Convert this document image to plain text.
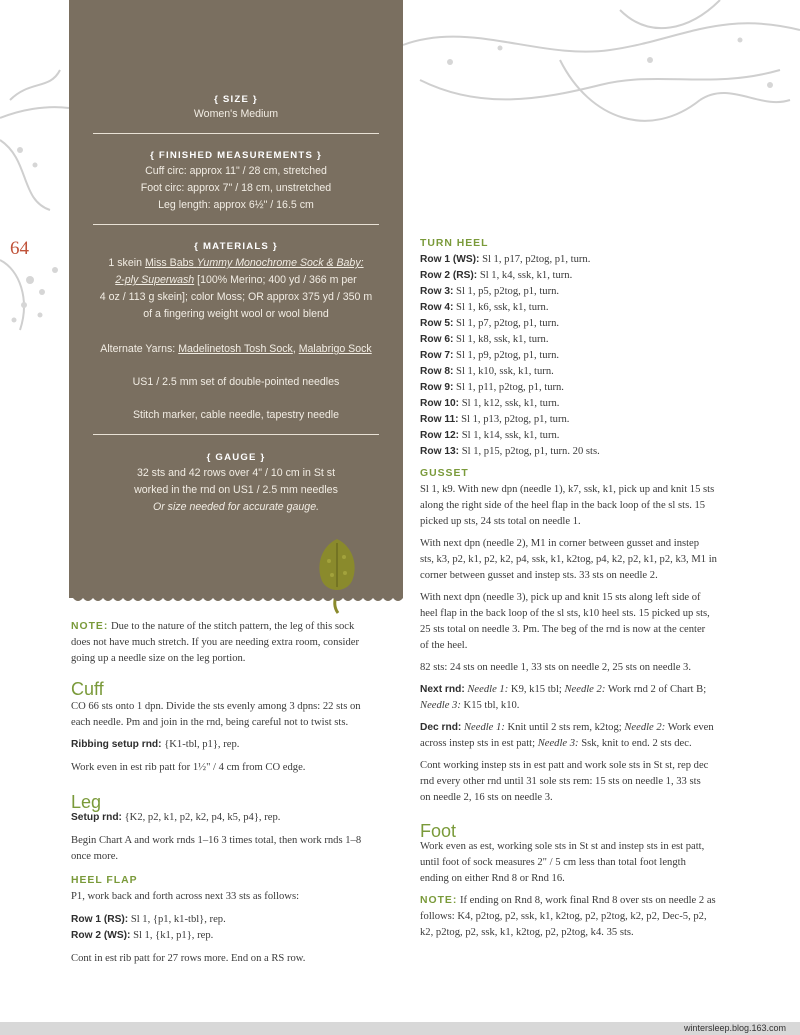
64
{ SIZE }
Women's Medium
{ FINISHED MEASUREMENTS }
Cuff circ: approx 11" / 28 cm, stretched
Foot circ: approx 7" / 18 cm, unstretched
Leg length: approx 6½" / 16.5 cm
{ MATERIALS }
1 skein Miss Babs Yummy Monochrome Sock & Baby:
2-ply Superwash [100% Merino; 400 yd / 366 m per
4 oz / 113 g skein]; color Moss; OR approx 375 yd / 350 m
of a fingering weight wool or wool blend
Alternate Yarns: Madelinetosh Tosh Sock, Malabrigo Sock
US1 / 2.5 mm set of double-pointed needles
Stitch marker, cable needle, tapestry needle
{ GAUGE }
32 sts and 42 rows over 4" / 10 cm in St st
worked in the rnd on US1 / 2.5 mm needles
Or size needed for accurate gauge.

NOTE: Due to the nature of the stitch pattern, the leg of this sock

does not have much stretch. If you are needing extra room, consider

going up a needle size on the leg portion.

Cuff

CO 66 sts onto 1 dpn. Divide the sts evenly among 3 dpns: 22 sts on

each needle. Pm and join in the rnd, being careful not to twist sts.

Ribbing setup rnd: {K1-tbl, p1}, rep.

Work even in est rib patt for 1½" / 4 cm from CO edge.

Leg

Setup rnd: {K2, p2, k1, p2, k2, p4, k5, p4}, rep.

Begin Chart A and work rnds 1–16 3 times total, then work rnds 1–8

once more.

HEEL FLAP

P1, work back and forth across next 33 sts as follows:

Row 1 (RS): Sl 1, {p1, k1-tbl}, rep.

Row 2 (WS): Sl 1, {k1, p1}, rep.

Cont in est rib patt for 27 rows more. End on a RS row.

TURN HEEL

Row 1 (WS): Sl 1, p17, p2tog, p1, turn.

Row 2 (RS): Sl 1, k4, ssk, k1, turn.

Row 3: Sl 1, p5, p2tog, p1, turn.

Row 4: Sl 1, k6, ssk, k1, turn.

Row 5: Sl 1, p7, p2tog, p1, turn.

Row 6: Sl 1, k8, ssk, k1, turn.

Row 7: Sl 1, p9, p2tog, p1, turn.

Row 8: Sl 1, k10, ssk, k1, turn.

Row 9: Sl 1, p11, p2tog, p1, turn.

Row 10: Sl 1, k12, ssk, k1, turn.

Row 11: Sl 1, p13, p2tog, p1, turn.

Row 12: Sl 1, k14, ssk, k1, turn.

Row 13: Sl 1, p15, p2tog, p1, turn. 20 sts.

GUSSET

Sl 1, k9. With new dpn (needle 1), k7, ssk, k1, pick up and knit 15 sts

along the right side of the heel flap in the back loop of the sl sts. 15

picked up sts, 24 sts total on needle 1.

With next dpn (needle 2), M1 in corner between gusset and instep

sts, k3, p2, k1, p2, k2, p4, ssk, k1, k2tog, p4, k2, p2, k1, p2, k3, M1 in

corner between gusset and instep sts. 33 sts on needle 2.

With next dpn (needle 3), pick up and knit 15 sts along left side of

heel flap in the back loop of the sl sts, k10 heel sts. 15 picked up sts,

25 sts total on needle 3. Pm. The beg of the rnd is now at the center

of the heel.

82 sts: 24 sts on needle 1, 33 sts on needle 2, 25 sts on needle 3.

Next rnd: Needle 1: K9, k15 tbl; Needle 2: Work rnd 2 of Chart B;

Needle 3: K15 tbl, k10.

Dec rnd: Needle 1: Knit until 2 sts rem, k2tog; Needle 2: Work even

across instep sts in est patt; Needle 3: Ssk, knit to end. 2 sts dec.

Cont working instep sts in est patt and work sole sts in St st, rep dec

rnd every other rnd until 31 sole sts rem: 15 sts on needle 1, 33 sts

on needle 2, 16 sts on needle 3.

Foot

Work even as est, working sole sts in St st and instep sts in est patt,

until foot of sock measures 2" / 5 cm less than total foot length

ending on either Rnd 8 or Rnd 16.

NOTE: If ending on Rnd 8, work final Rnd 8 over sts on needle 2 as

follows: K4, p2tog, p2, ssk, k1, k2tog, p2, p2tog, k2, p2, Dec-5, p2,

k2, p2tog, p2, ssk, k1, k2tog, p2, p2tog, k4. 35 sts.

wintersleep.blog.163.com
